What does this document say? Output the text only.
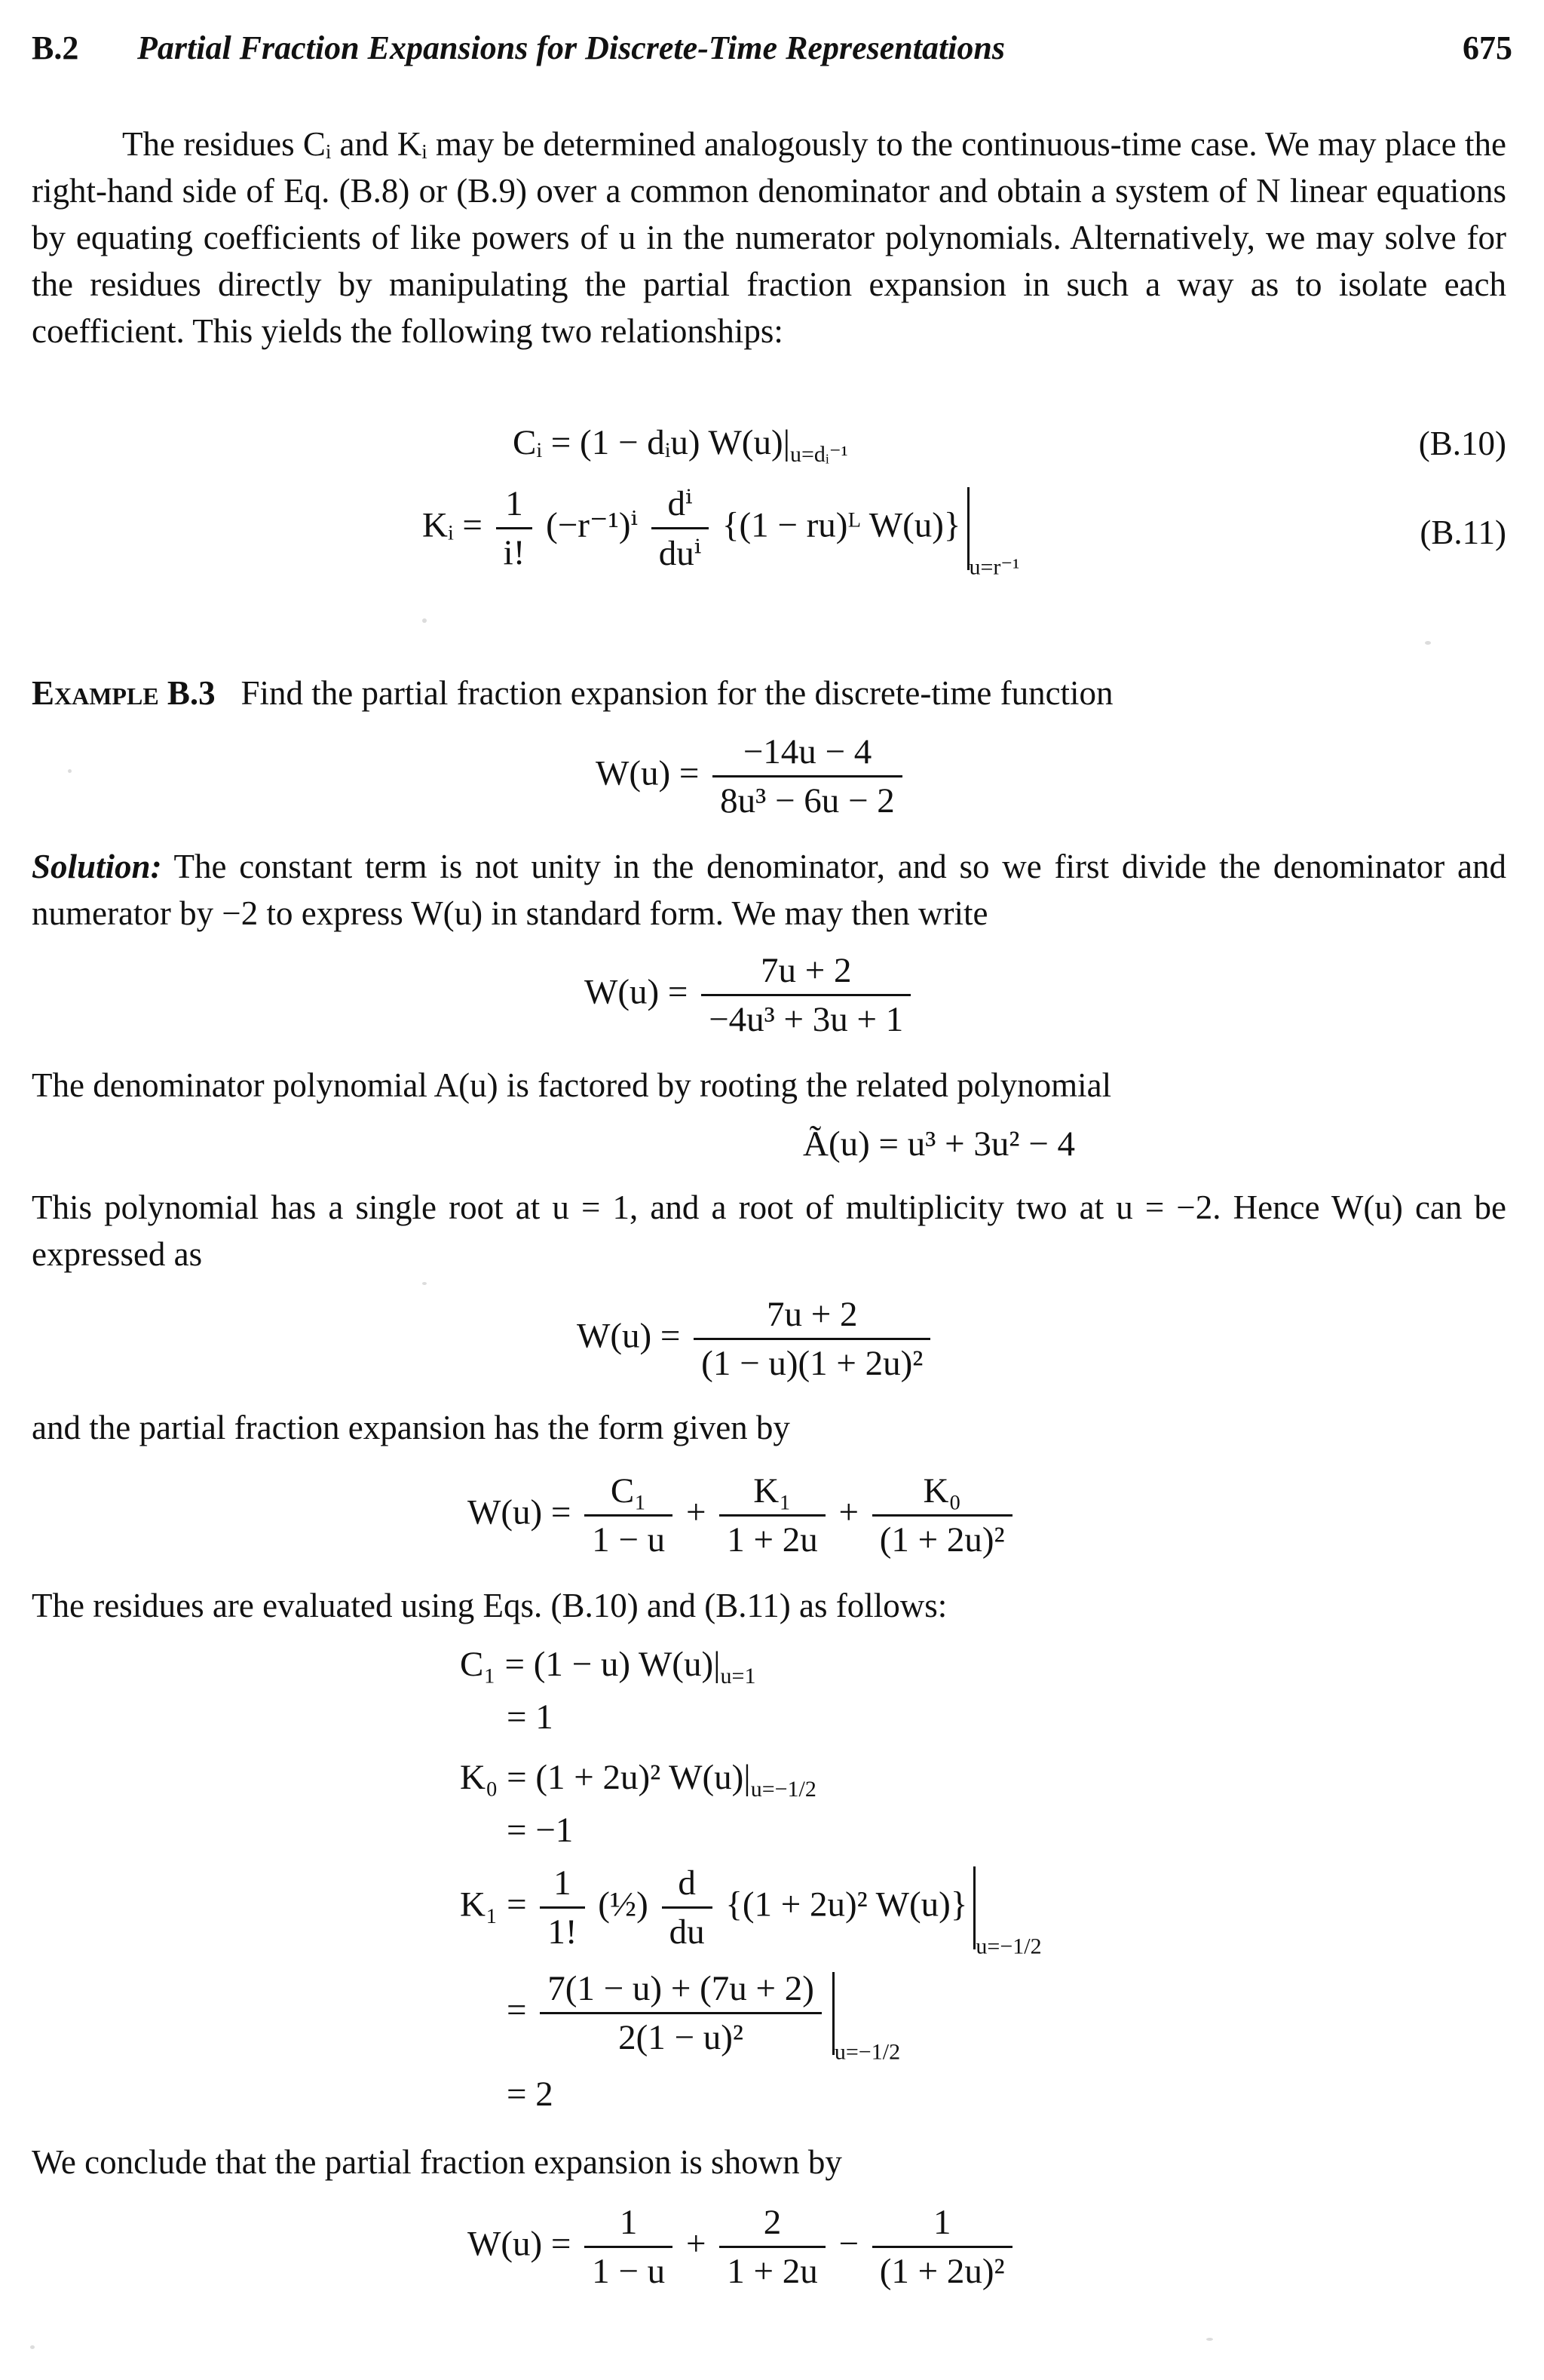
B.2 Partial Fraction Expansions for Discrete-Time Representations	675

The residues Cᵢ and Kᵢ may be determined analogously to the continuous-time case. We may place the right-hand side of Eq. (B.8) or (B.9) over a common denominator and obtain a system of N linear equations by equating coefficients of like powers of u in the numerator polynomials. Alternatively, we may solve for the residues directly by manipulating the partial fraction expansion in such a way as to isolate each coefficient. This yields the following two relationships:

Cᵢ = (1 − dᵢu) $W(u)|_{u=dᵢ^{-1}}$	(B.10)
Kᵢ = $\frac{1}{i!} (-r^{-1})^i \frac{\text{dⁱ}}{\text{duⁱ}} \{(1$ − ru)ᴸ $W(u)\}_{u=r^{-1}}$
(B.11)

Example B.3 Find the partial fraction expansion for the discrete-time function

$W(u) = \frac{-14u - 4}{\text{8u³ − 6u − 2}}$

Solution: The constant term is not unity in the denominator, and so we first divide the denominator and numerator by −2 to express W(u) in standard form. We may then write

$W(u) = \frac{7u + 2}{\text{−4u³ + 3u + 1}}$

The denominator polynomial A(u) is factored by rooting the related polynomial

Ã(u) = u³ + 3u² − 4

This polynomial has a single root at u = 1, and a root of multiplicity two at u = −2. Hence W(u) can be expressed as

$W(u) = \frac{7u + 2}{\text{(1 − u)(1 + 2u)²}}$

and the partial fraction expansion has the form given by

$W(u) = \frac{\text{C₁}}{1 - u} + \frac{\text{K₁}}{1 + 2u} + \frac{\text{K₀}}{\text{(1 + 2u)²}}$

The residues are evaluated using Eqs. (B.10) and (B.11) as follows:

C₁ = (1 − u) $W(u)|_{u=1}$
= 1
K₀ = (1 + 2u)² $W(u)|_{u=-1/2}$
= −1
$K_1 = \frac{1}{1!}$ (½) $\frac{d}{du} \{(1 + 2u)^2$ $W(u)\}_{u=-1/2}$
= $\frac{7(1 - u) + (7u + 2)}{\text{2(1 − u)²}} _{u=-1/2}$
= 2

We conclude that the partial fraction expansion is shown by

$W(u) = \frac{1}{1 - u} + \frac{2}{1 + 2u} - \frac{1}{\text{(1 + 2u)²}}$
